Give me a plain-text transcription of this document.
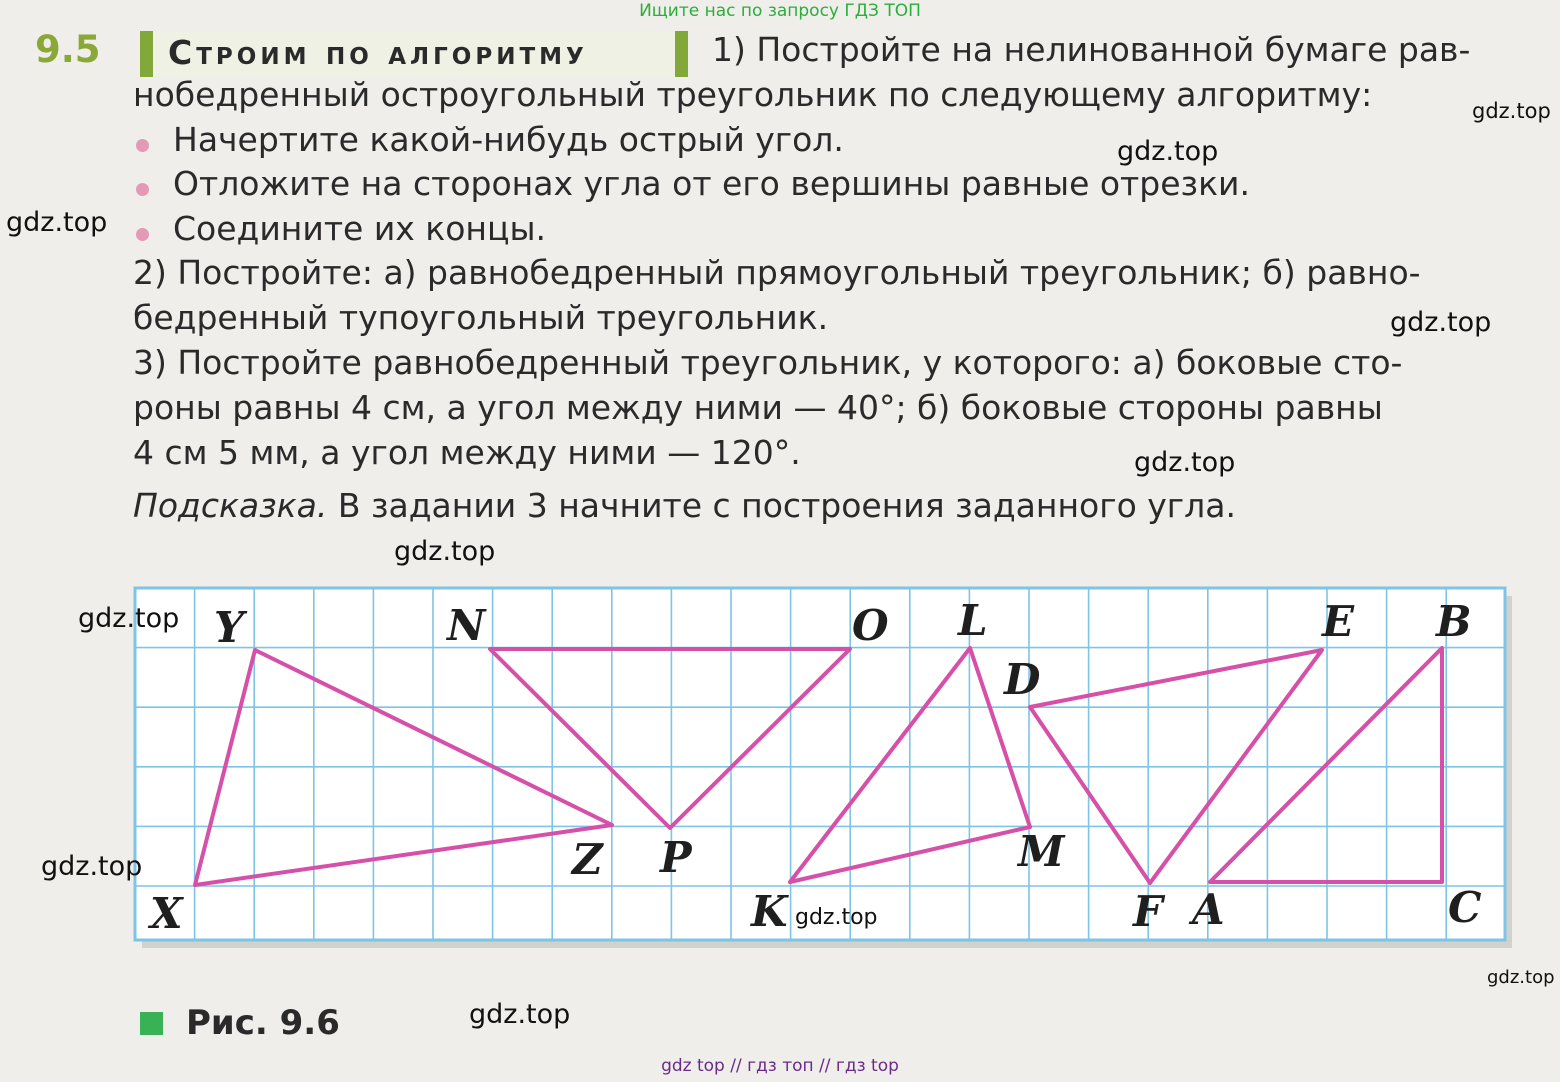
Ищите нас по запросу ГДЗ ТОП
9.5 Строим по алгоритму	1) Постройте на нелинованной бумаге рав-
нобедренный остроугольный треугольник по следующему алгоритму:
Начертите какой-нибудь острый угол.
Отложите на сторонах угла от его вершины равные отрезки.
Соедините их концы.
2) Постройте: а) равнобедренный прямоугольный треугольник; б) равно-
бедренный тупоугольный треугольник.
3) Постройте равнобедренный треугольник, у которого: а) боковые сто-
роны равны 4 см, а угол между ними — 40°; б) боковые стороны равны
4 см 5 мм, а угол между ними — 120°.
Подсказка. В задании 3 начните с построения заданного угла.
X
Y
Z
N	O
P
K
L
M
D
E
F A
B
C
gdz.top
gdz.top
gdz.top
gdz.top
gdz.top
gdz.top
gdz.top
gdz.top
gdz.top
gdz.top
gdz.top
Рис. 9.6
gdz top // гдз топ // гдз top
